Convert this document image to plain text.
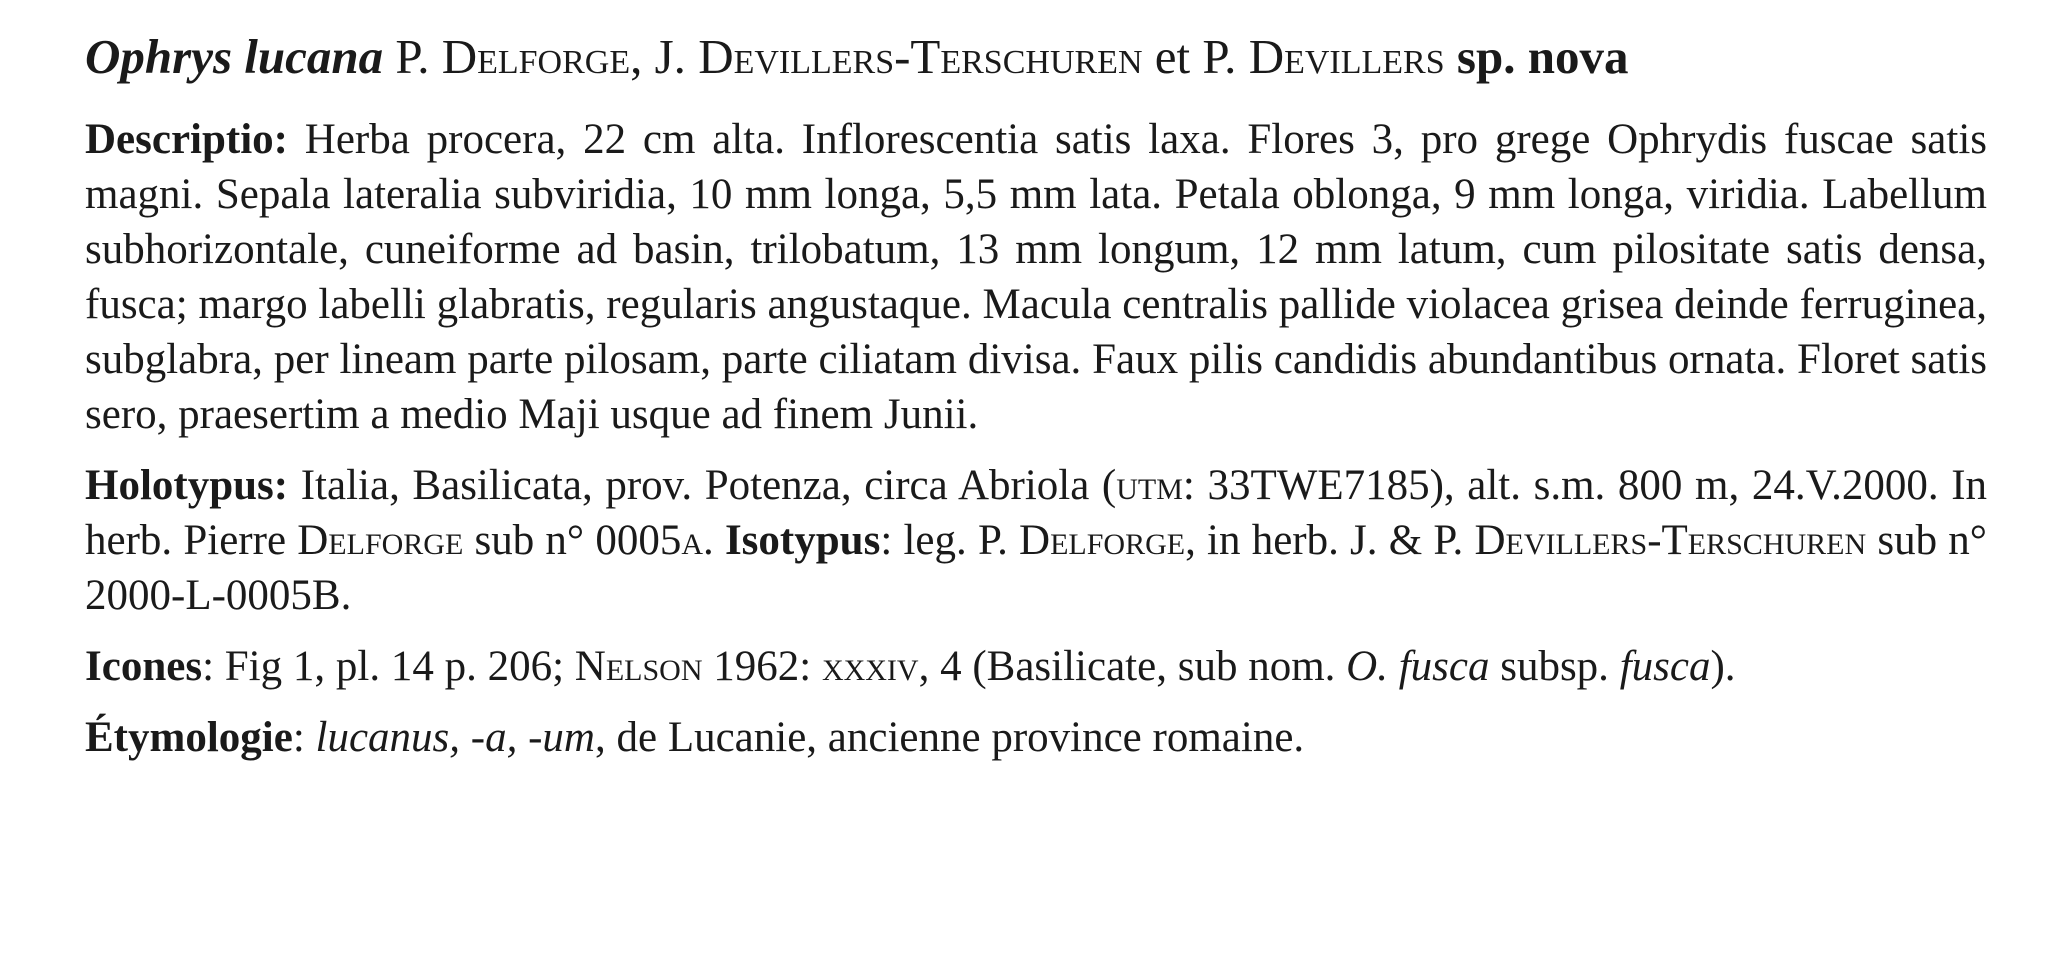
Ophrys lucana P. Delforge, J. Devillers-Terschuren et P. Devillers sp. nova

Descriptio: Herba procera, 22 cm alta. Inflorescentia satis laxa. Flores 3, pro grege Ophrydis fuscae satis magni. Sepala lateralia subviridia, 10 mm longa, 5,5 mm lata. Petala oblonga, 9 mm longa, viridia. Labellum subhorizontale, cuneiforme ad basin, trilobatum, 13 mm longum, 12 mm latum, cum pilositate satis densa, fusca; margo labelli glabratis, regularis angustaque. Macula centralis pallide violacea grisea deinde ferruginea, subglabra, per lineam parte pilosam, parte ciliatam divisa. Faux pilis candidis abundantibus ornata. Floret satis sero, praesertim a medio Maji usque ad finem Junii.

Holotypus: Italia, Basilicata, prov. Potenza, circa Abriola (utm: 33TWE7185), alt. s.m. 800 m, 24.V.2000. In herb. Pierre Delforge sub n° 0005a. Isotypus: leg. P. Delforge, in herb. J. & P. Devillers-Terschuren sub n° 2000-L-0005B.

Icones: Fig 1, pl. 14 p. 206; Nelson 1962: xxxiv, 4 (Basilicate, sub nom. O. fusca subsp. fusca).

Étymologie: lucanus, -a, -um, de Lucanie, ancienne province romaine.
